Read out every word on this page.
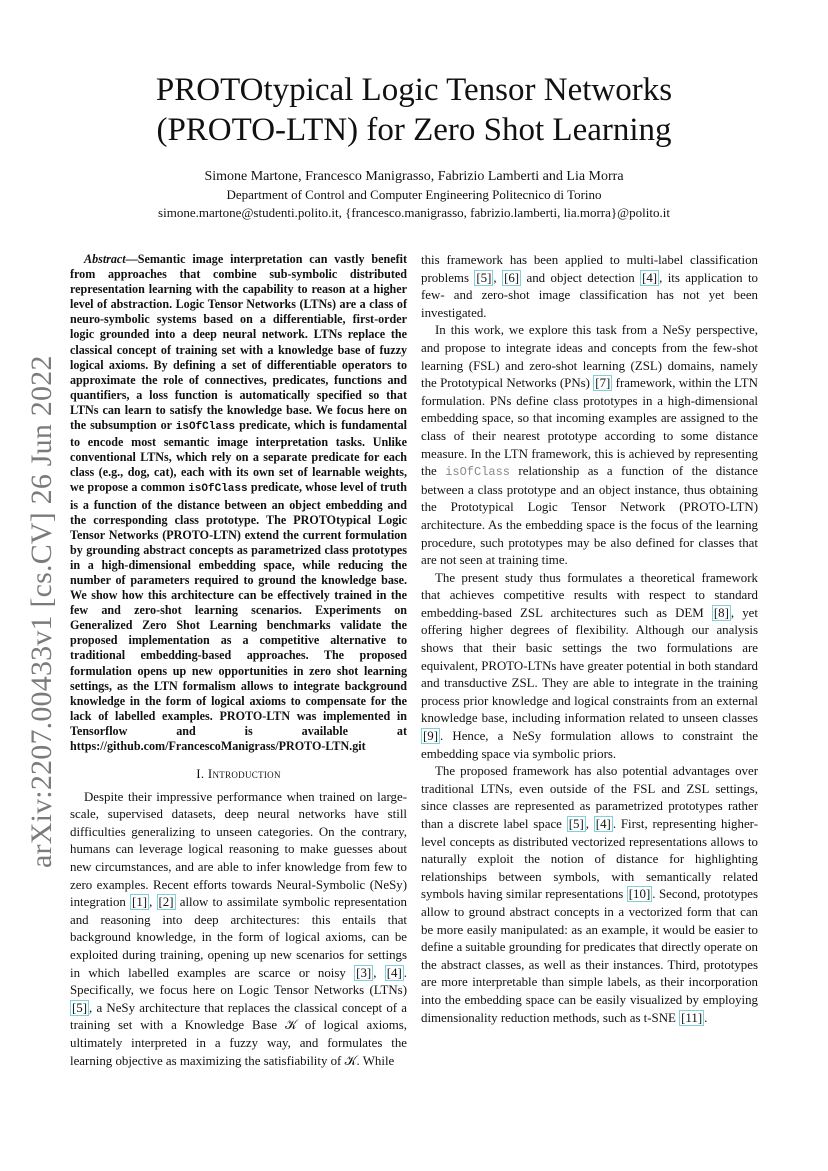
arXiv:2207.00433v1 [cs.CV] 26 Jun 2022
PROTOtypical Logic Tensor Networks
(PROTO-LTN) for Zero Shot Learning
Simone Martone, Francesco Manigrasso, Fabrizio Lamberti and Lia Morra
Department of Control and Computer Engineering Politecnico di Torino
simone.martone@studenti.polito.it, {francesco.manigrasso, fabrizio.lamberti, lia.morra}@polito.it

Abstract—Semantic image interpretation can vastly benefit from approaches that combine sub-symbolic distributed representation learning with the capability to reason at a higher level of abstraction. Logic Tensor Networks (LTNs) are a class of neuro-symbolic systems based on a differentiable, first-order logic grounded into a deep neural network. LTNs replace the classical concept of training set with a knowledge base of fuzzy logical axioms. By defining a set of differentiable operators to approximate the role of connectives, predicates, functions and quantifiers, a loss function is automatically specified so that LTNs can learn to satisfy the knowledge base. We focus here on the subsumption or isOfClass predicate, which is fundamental to encode most semantic image interpretation tasks. Unlike conventional LTNs, which rely on a separate predicate for each class (e.g., dog, cat), each with its own set of learnable weights, we propose a common isOfClass predicate, whose level of truth is a function of the distance between an object embedding and the corresponding class prototype. The PROTOtypical Logic Tensor Networks (PROTO-LTN) extend the current formulation by grounding abstract concepts as parametrized class prototypes in a high-dimensional embedding space, while reducing the number of parameters required to ground the knowledge base. We show how this architecture can be effectively trained in the few and zero-shot learning scenarios. Experiments on Generalized Zero Shot Learning benchmarks validate the proposed implementation as a competitive alternative to traditional embedding-based approaches. The proposed formulation opens up new opportunities in zero shot learning settings, as the LTN formalism allows to integrate background knowledge in the form of logical axioms to compensate for the lack of labelled examples. PROTO-LTN was implemented in Tensorflow and is available at https://github.com/FrancescoManigrass/PROTO-LTN.git

I. Introduction

Despite their impressive performance when trained on large-scale, supervised datasets, deep neural networks have still difficulties generalizing to unseen categories. On the contrary, humans can leverage logical reasoning to make guesses about new circumstances, and are able to infer knowledge from few to zero examples. Recent efforts towards Neural-Symbolic (NeSy) integration [1] , [2] allow to assimilate symbolic representation and reasoning into deep architectures: this entails that background knowledge, in the form of logical axioms, can be exploited during training, opening up new scenarios for settings in which labelled examples are scarce or noisy [3] , [4] . Specifically, we focus here on Logic Tensor Networks (LTNs) [5] , a NeSy architecture that replaces the classical concept of a training set with a Knowledge Base 𝒦 of logical axioms, ultimately interpreted in a fuzzy way, and formulates the learning objective as maximizing the satisfiability of 𝒦. While

this framework has been applied to multi-label classification problems [5] , [6] and object detection [4] , its application to few- and zero-shot image classification has not yet been investigated.

In this work, we explore this task from a NeSy perspective, and propose to integrate ideas and concepts from the few-shot learning (FSL) and zero-shot learning (ZSL) domains, namely the Prototypical Networks (PNs) [7] framework, within the LTN formulation. PNs define class prototypes in a high-dimensional embedding space, so that incoming examples are assigned to the class of their nearest prototype according to some distance measure. In the LTN framework, this is achieved by representing the isOfClass relationship as a function of the distance between a class prototype and an object instance, thus obtaining the Prototypical Logic Tensor Network (PROTO-LTN) architecture. As the embedding space is the focus of the learning procedure, such prototypes may be also defined for classes that are not seen at training time.

The present study thus formulates a theoretical framework that achieves competitive results with respect to standard embedding-based ZSL architectures such as DEM [8] , yet offering higher degrees of flexibility. Although our analysis shows that their basic settings the two formulations are equivalent, PROTO-LTNs have greater potential in both standard and transductive ZSL. They are able to integrate in the training process prior knowledge and logical constraints from an external knowledge base, including information related to unseen classes [9] . Hence, a NeSy formulation allows to constraint the embedding space via symbolic priors.

The proposed framework has also potential advantages over traditional LTNs, even outside of the FSL and ZSL settings, since classes are represented as parametrized prototypes rather than a discrete label space [5] , [4] . First, representing higher-level concepts as distributed vectorized representations allows to naturally exploit the notion of distance for highlighting relationships between symbols, with semantically related symbols having similar representations [10] . Second, prototypes allow to ground abstract concepts in a vectorized form that can be more easily manipulated: as an example, it would be easier to define a suitable grounding for predicates that directly operate on the abstract classes, as well as their instances. Third, prototypes are more interpretable than simple labels, as their incorporation into the embedding space can be easily visualized by employing dimensionality reduction methods, such as t-SNE [11] .
